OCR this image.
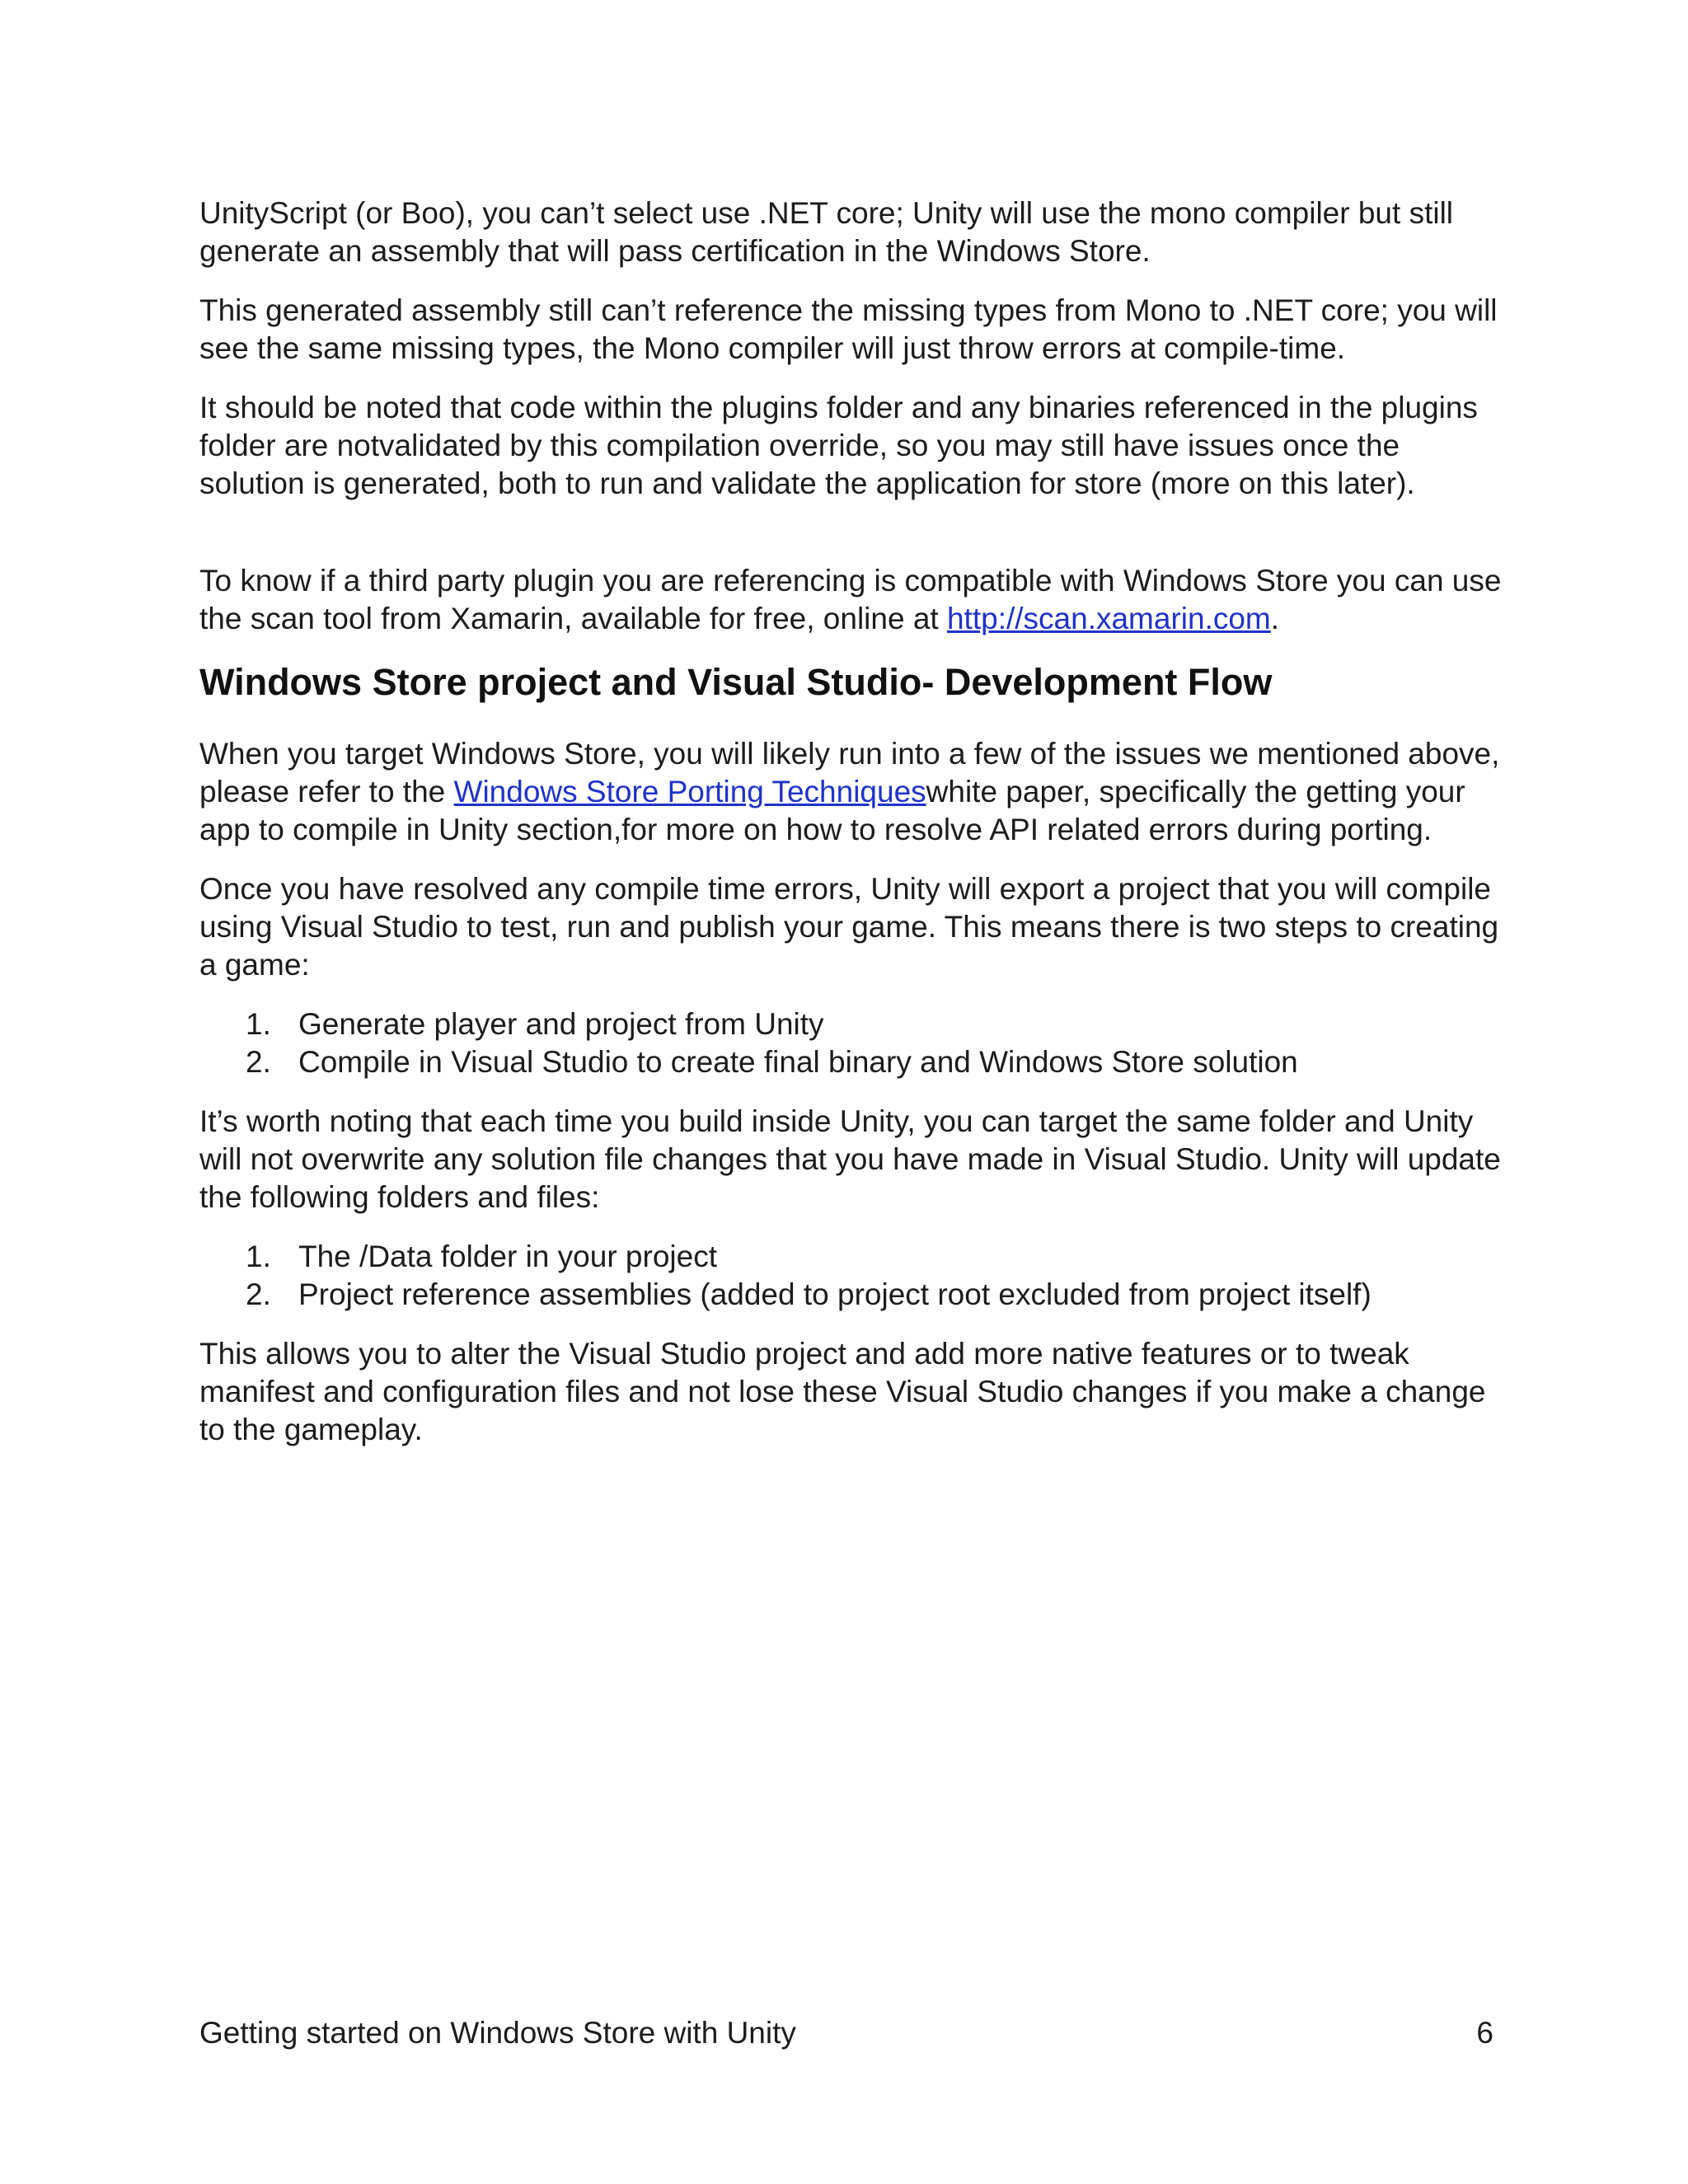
UnityScript (or Boo), you can’t select use .NET core; Unity will use the mono compiler but still generate an assembly that will pass certification in the Windows Store.

This generated assembly still can’t reference the missing types from Mono to .NET core; you will see the same missing types, the Mono compiler will just throw errors at compile-time.

It should be noted that code within the plugins folder and any binaries referenced in the plugins folder are notvalidated by this compilation override, so you may still have issues once the solution is generated, both to run and validate the application for store (more on this later).

To know if a third party plugin you are referencing is compatible with Windows Store you can use the scan tool from Xamarin, available for free, online at http://scan.xamarin.com.

Windows Store project and Visual Studio- Development Flow

When you target Windows Store, you will likely run into a few of the issues we mentioned above, please refer to the Windows Store Porting Techniqueswhite paper, specifically the getting your app to compile in Unity section,for more on how to resolve API related errors during porting.

Once you have resolved any compile time errors, Unity will export a project that you will compile using Visual Studio to test, run and publish your game. This means there is two steps to creating a game:

1. Generate player and project from Unity
2. Compile in Visual Studio to create final binary and Windows Store solution

It’s worth noting that each time you build inside Unity, you can target the same folder and Unity will not overwrite any solution file changes that you have made in Visual Studio. Unity will update the following folders and files:

1. The /Data folder in your project
2. Project reference assemblies (added to project root excluded from project itself)

This allows you to alter the Visual Studio project and add more native features or to tweak manifest and configuration files and not lose these Visual Studio changes if you make a change to the gameplay.

Getting started on Windows Store with Unity	6
